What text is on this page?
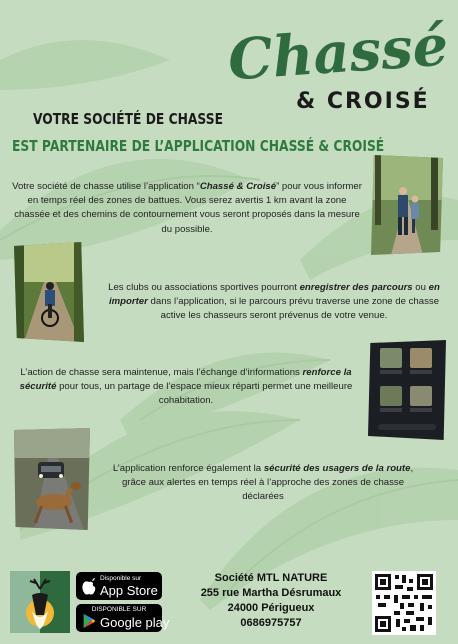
Chassé
& CROISÉ
VOTRE SOCIÉTÉ DE CHASSE
EST PARTENAIRE DE L’APPLICATION CHASSÉ & CROISÉ
Votre société de chasse utilise l’application “Chassé & Croisé” pour vous informer en temps réel des zones de battues. Vous serez avertis 1 km avant la zone chassée et des chemins de contournement vous seront proposés dans la mesure du possible.
Les clubs ou associations sportives pourront enregistrer des parcours ou en importer dans l’application, si le parcours prévu traverse une zone de chasse active les chasseurs seront prévenus de votre venue.
L’action de chasse sera maintenue, mais l’échange d’informations renforce la sécurité pour tous, un partage de l’espace mieux réparti permet une meilleure cohabitation.
L’application renforce également la sécurité des usagers de la route, grâce aux alertes en temps réel à l’approche des zones de chasse déclarées
Disponible sur
App Store
DISPONIBLE SUR
Google play
Société MTL NATURE
255 rue Martha Désrumaux
24000 Périgueux
0686975757
